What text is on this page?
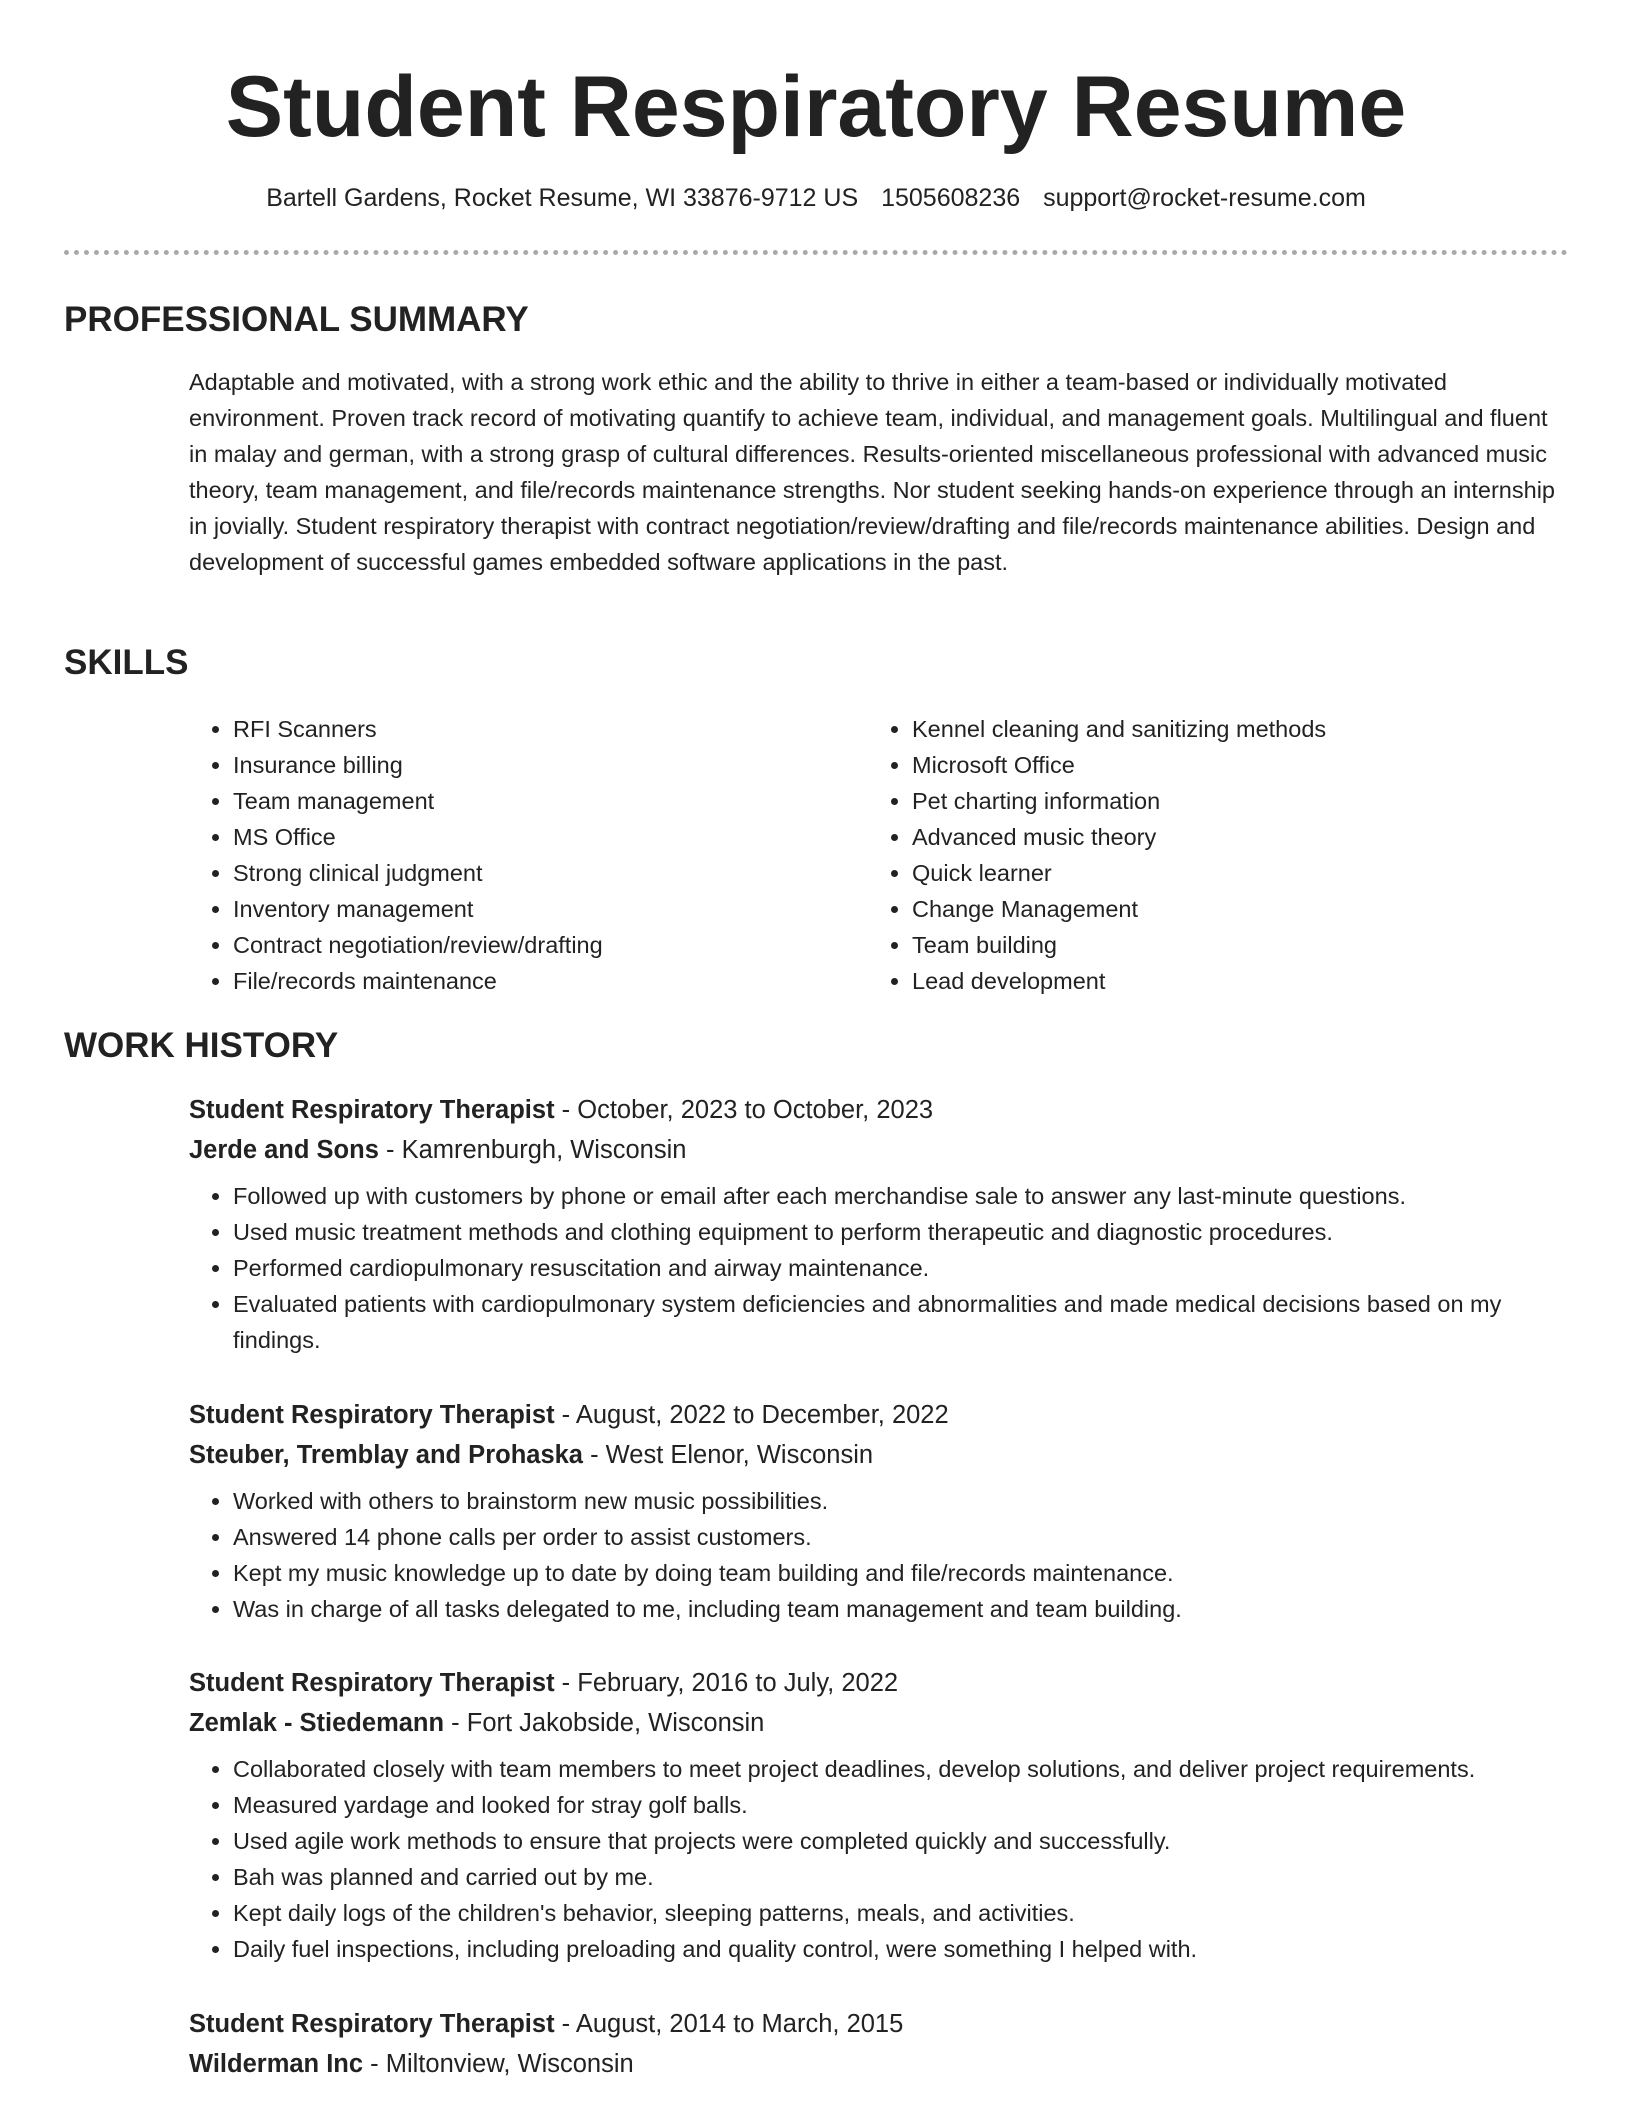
Student Respiratory Resume
Bartell Gardens, Rocket Resume, WI 33876-9712 US 1505608236 support@rocket-resume.com
PROFESSIONAL SUMMARY

Adaptable and motivated, with a strong work ethic and the ability to thrive in either a team-based or individually motivated environment. Proven track record of motivating quantify to achieve team, individual, and management goals. Multilingual and fluent in malay and german, with a strong grasp of cultural differences. Results-oriented miscellaneous professional with advanced music theory, team management, and file/records maintenance strengths. Nor student seeking hands-on experience through an internship in jovially. Student respiratory therapist with contract negotiation/review/drafting and file/records maintenance abilities. Design and development of successful games embedded software applications in the past.

SKILLS
• RFI Scanners
• Insurance billing
• Team management
• MS Office
• Strong clinical judgment
• Inventory management
• Contract negotiation/review/drafting
• File/records maintenance
• Kennel cleaning and sanitizing methods
• Microsoft Office
• Pet charting information
• Advanced music theory
• Quick learner
• Change Management
• Team building
• Lead development
WORK HISTORY

Student Respiratory Therapist - October, 2023 to October, 2023

Jerde and Sons - Kamrenburgh, Wisconsin

• Followed up with customers by phone or email after each merchandise sale to answer any last-minute questions.
• Used music treatment methods and clothing equipment to perform therapeutic and diagnostic procedures.
• Performed cardiopulmonary resuscitation and airway maintenance.
• Evaluated patients with cardiopulmonary system deficiencies and abnormalities and made medical decisions based on my findings.

Student Respiratory Therapist - August, 2022 to December, 2022

Steuber, Tremblay and Prohaska - West Elenor, Wisconsin

• Worked with others to brainstorm new music possibilities.
• Answered 14 phone calls per order to assist customers.
• Kept my music knowledge up to date by doing team building and file/records maintenance.
• Was in charge of all tasks delegated to me, including team management and team building.

Student Respiratory Therapist - February, 2016 to July, 2022

Zemlak - Stiedemann - Fort Jakobside, Wisconsin

• Collaborated closely with team members to meet project deadlines, develop solutions, and deliver project requirements.
• Measured yardage and looked for stray golf balls.
• Used agile work methods to ensure that projects were completed quickly and successfully.
• Bah was planned and carried out by me.
• Kept daily logs of the children's behavior, sleeping patterns, meals, and activities.
• Daily fuel inspections, including preloading and quality control, were something I helped with.

Student Respiratory Therapist - August, 2014 to March, 2015

Wilderman Inc - Miltonview, Wisconsin
